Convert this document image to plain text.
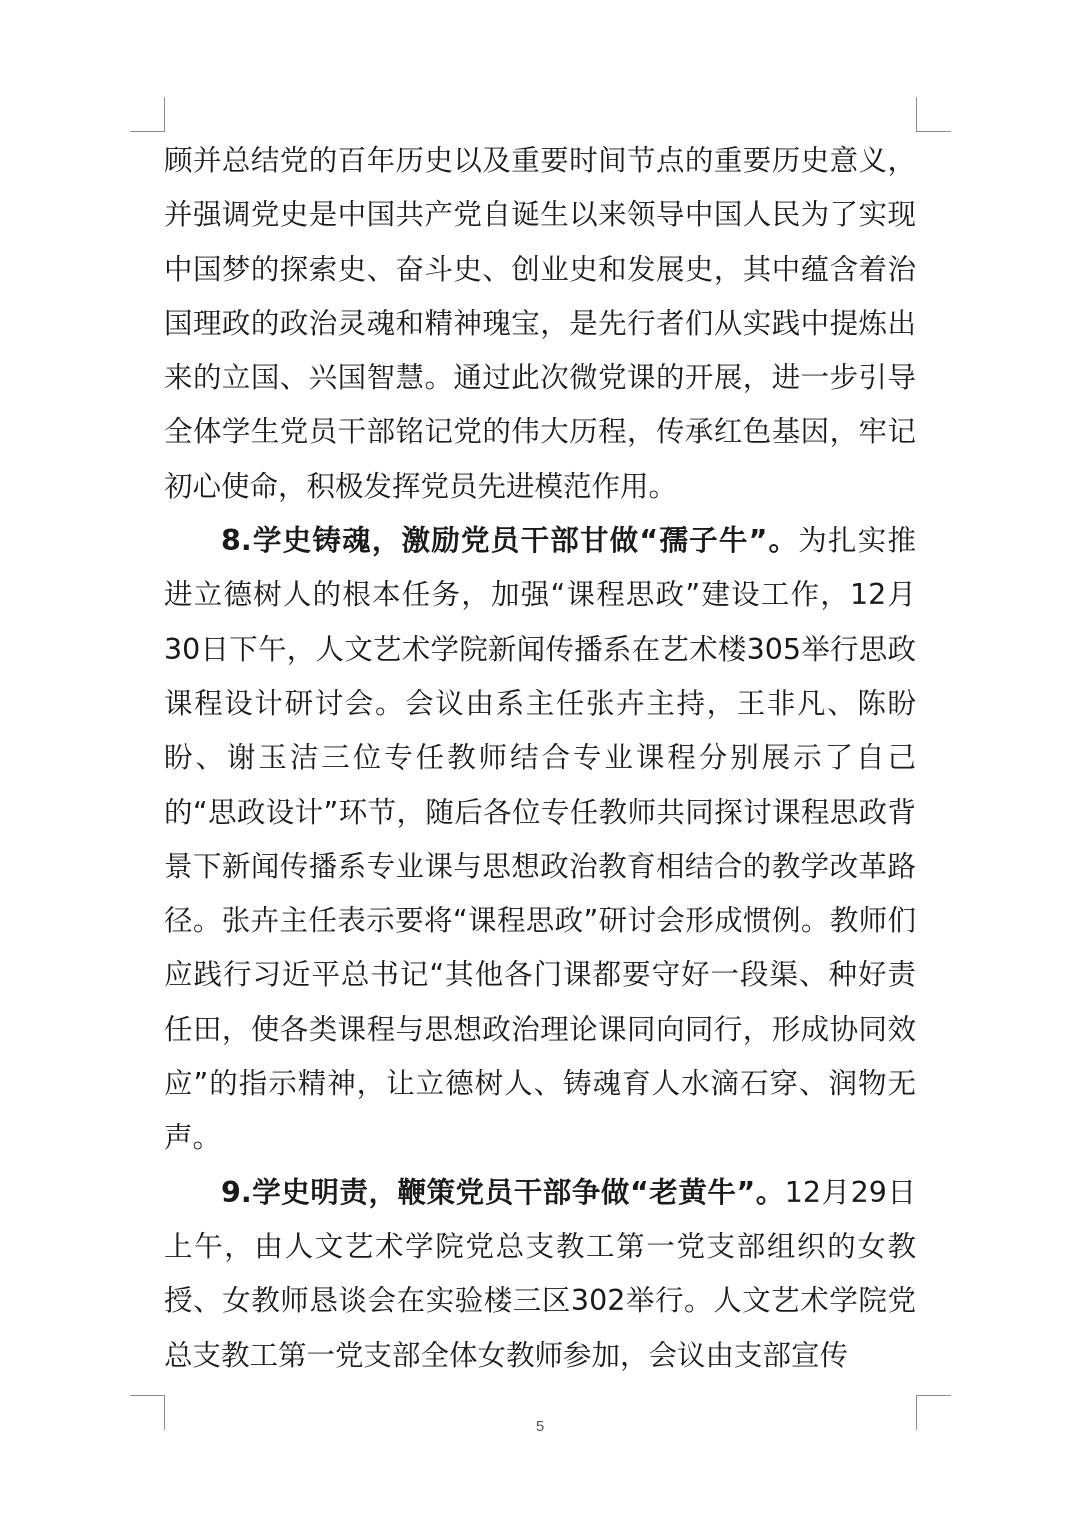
顾并总结党的百年历史以及重要时间节点的重要历史意义，并强调党史是中国共产党自诞生以来领导中国人民为了实现中国梦的探索史、奋斗史、创业史和发展史，其中蕴含着治国理政的政治灵魂和精神瑰宝，是先行者们从实践中提炼出来的立国、兴国智慧。通过此次微党课的开展，进一步引导全体学生党员干部铭记党的伟大历程，传承红色基因，牢记初心使命，积极发挥党员先进模范作用。

8.学史铸魂，激励党员干部甘做“孺子牛”。为扎实推进立德树人的根本任务，加强“课程思政”建设工作，12月30日下午，人文艺术学院新闻传播系在艺术楼305举行思政课程设计研讨会。会议由系主任张卉主持，王非凡、陈盼盼、谢玉洁三位专任教师结合专业课程分别展示了自己的“思政设计”环节，随后各位专任教师共同探讨课程思政背景下新闻传播系专业课与思想政治教育相结合的教学改革路径。张卉主任表示要将“课程思政”研讨会形成惯例。教师们应践行习近平总书记“其他各门课都要守好一段渠、种好责任田，使各类课程与思想政治理论课同向同行，形成协同效应”的指示精神，让立德树人、铸魂育人水滴石穿、润物无声。

9.学史明责，鞭策党员干部争做“老黄牛”。12月29日上午，由人文艺术学院党总支教工第一党支部组织的女教授、女教师恳谈会在实验楼三区302举行。人文艺术学院党总支教工第一党支部全体女教师参加，会议由支部宣传

5
